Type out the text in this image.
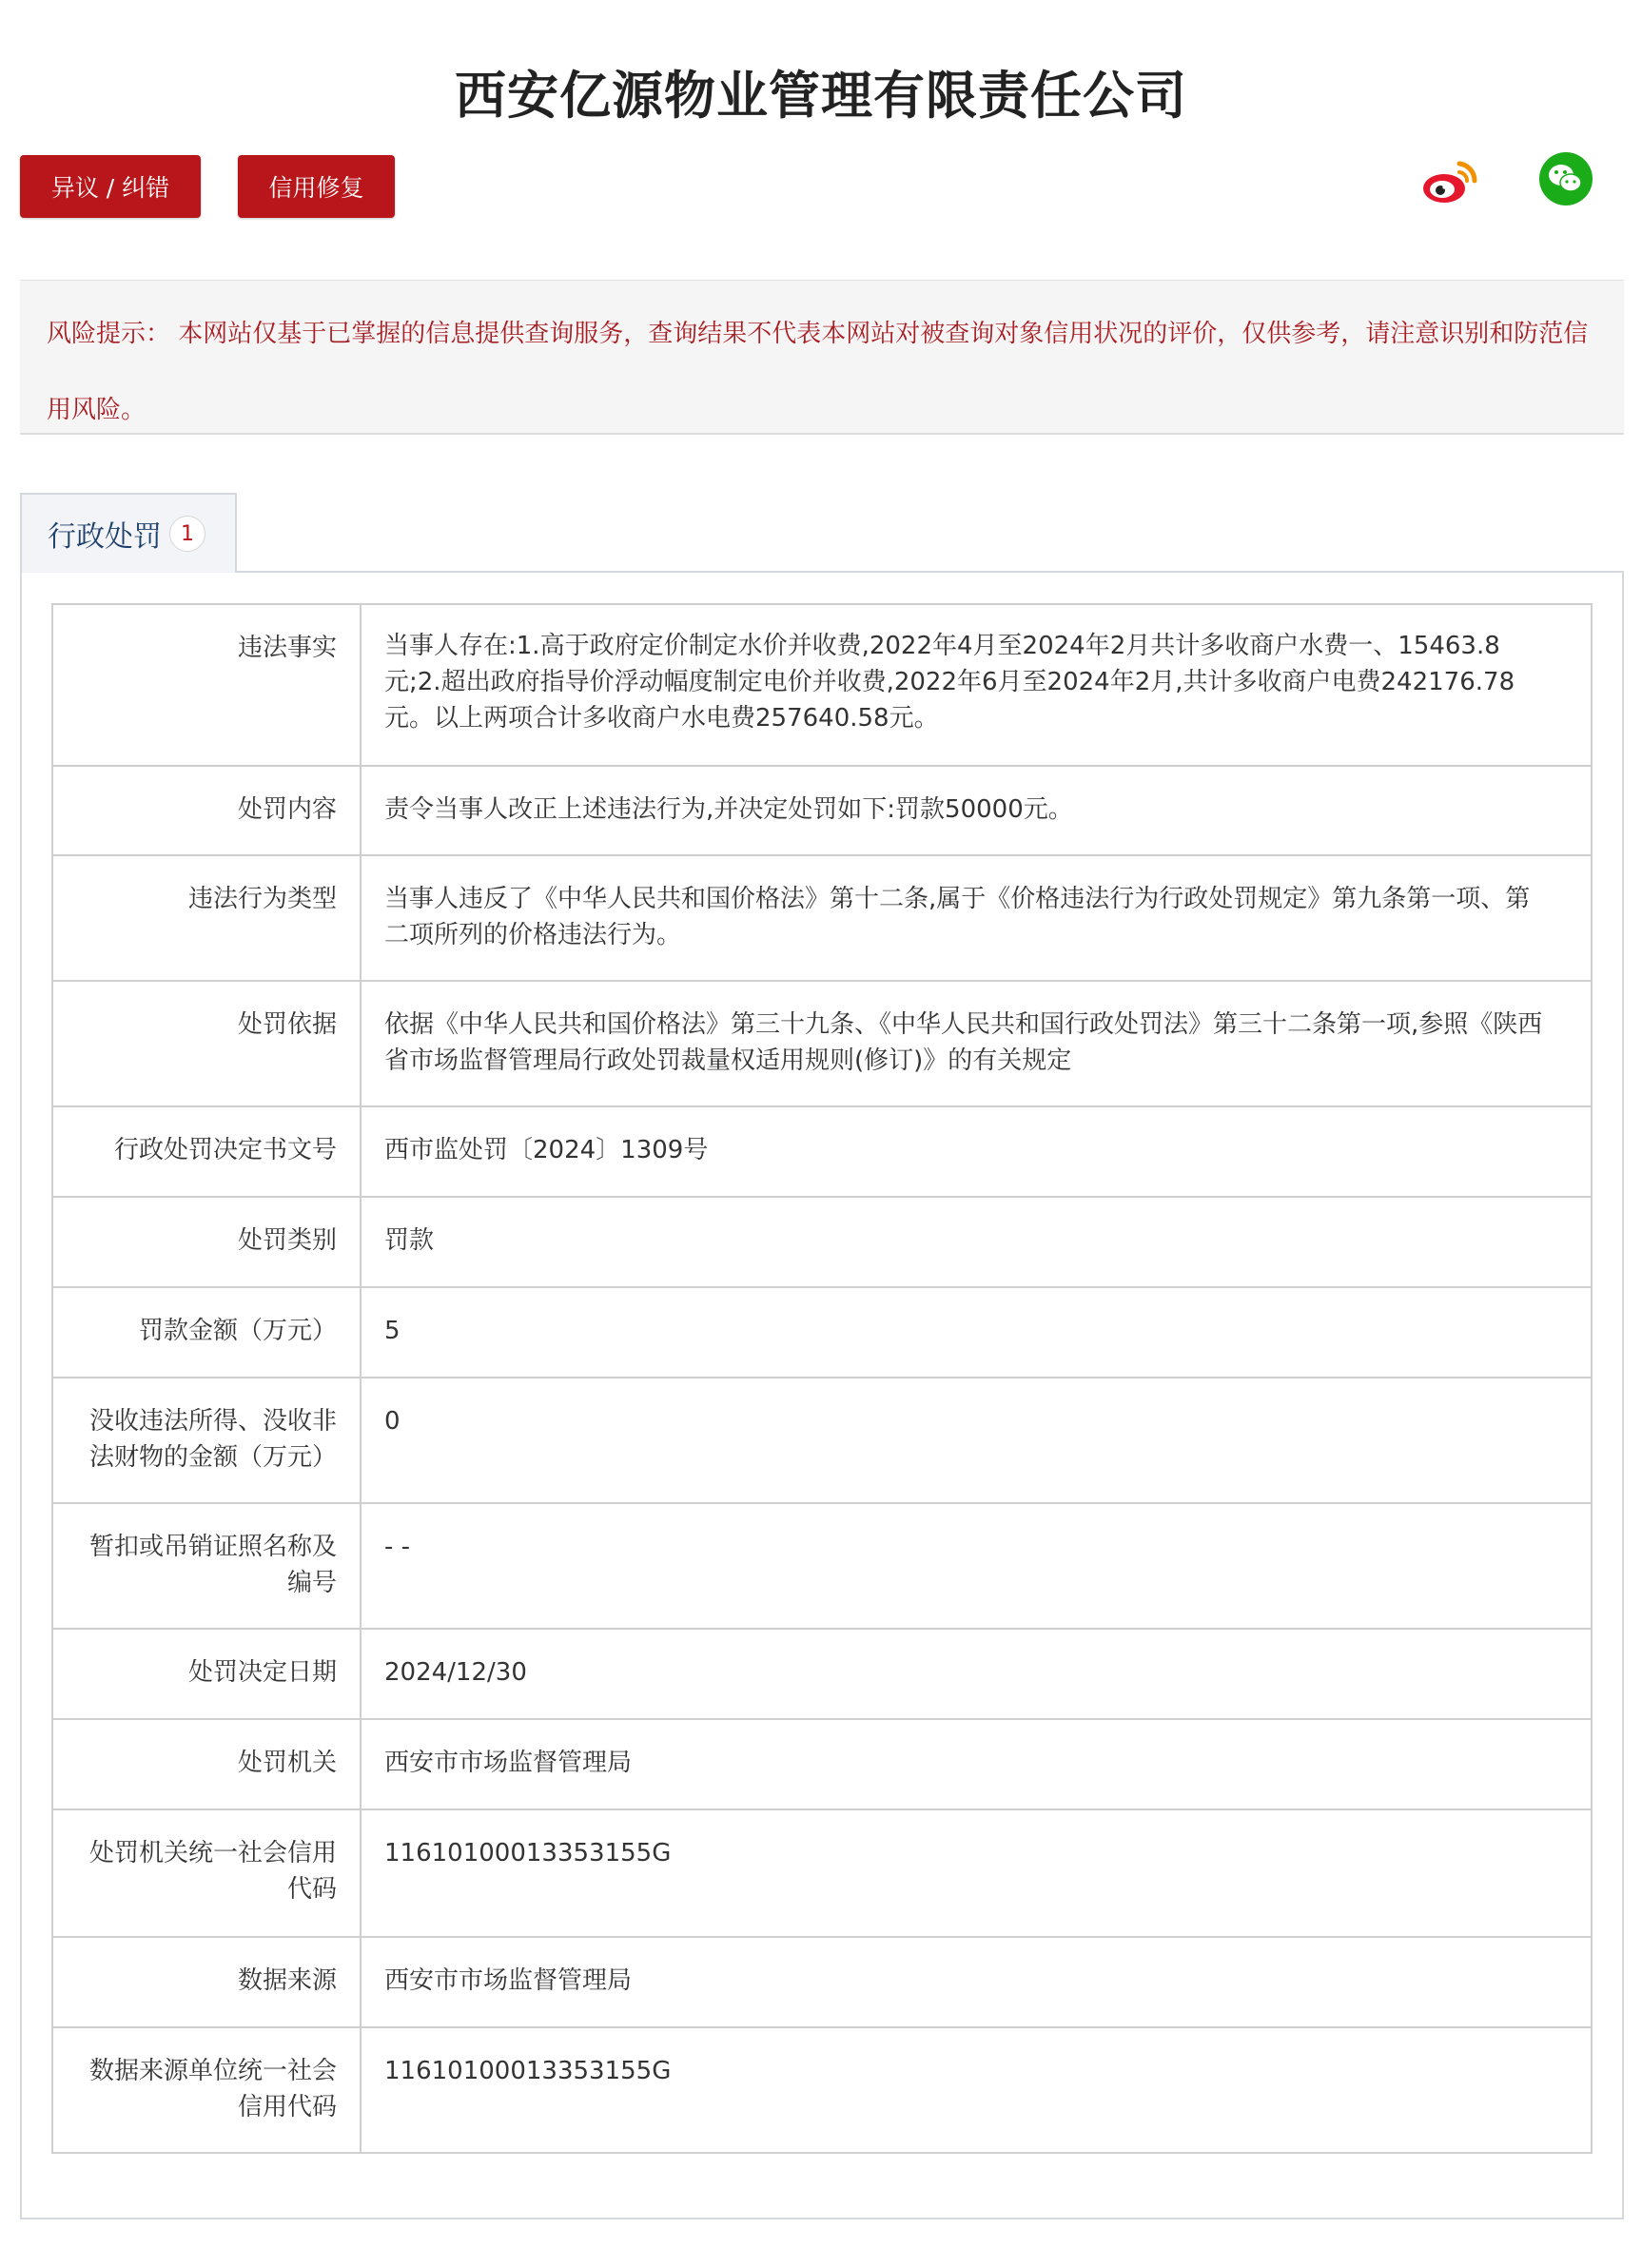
西安亿源物业管理有限责任公司
异议 / 纠错	信用修复

风险提示： 本网站仅基于已掌握的信息提供查询服务，查询结果不代表本网站对被查询对象信用状况的评价，仅供参考，请注意识别和防范信用风险。

行政处罚 1
违法事实	当事人存在:1.高于政府定价制定水价并收费,2022年4月至2024年2月共计多收商户水费一、15463.8元;2.超出政府指导价浮动幅度制定电价并收费,2022年6月至2024年2月,共计多收商户电费242176.78元。以上两项合计多收商户水电费257640.58元。
处罚内容	责令当事人改正上述违法行为,并决定处罚如下:罚款50000元。
违法行为类型	当事人违反了《中华人民共和国价格法》第十二条,属于《价格违法行为行政处罚规定》第九条第一项、第二项所列的价格违法行为。
处罚依据	依据《中华人民共和国价格法》第三十九条、《中华人民共和国行政处罚法》第三十二条第一项,参照《陕西省市场监督管理局行政处罚裁量权适用规则(修订)》的有关规定
行政处罚决定书文号	西市监处罚〔2024〕1309号
处罚类别	罚款
罚款金额（万元）	5
没收违法所得、没收非法财物的金额（万元）	0
暂扣或吊销证照名称及编号	- -
处罚决定日期	2024/12/30
处罚机关	西安市市场监督管理局
处罚机关统一社会信用代码	11610100013353155G
数据来源	西安市市场监督管理局
数据来源单位统一社会信用代码	11610100013353155G
